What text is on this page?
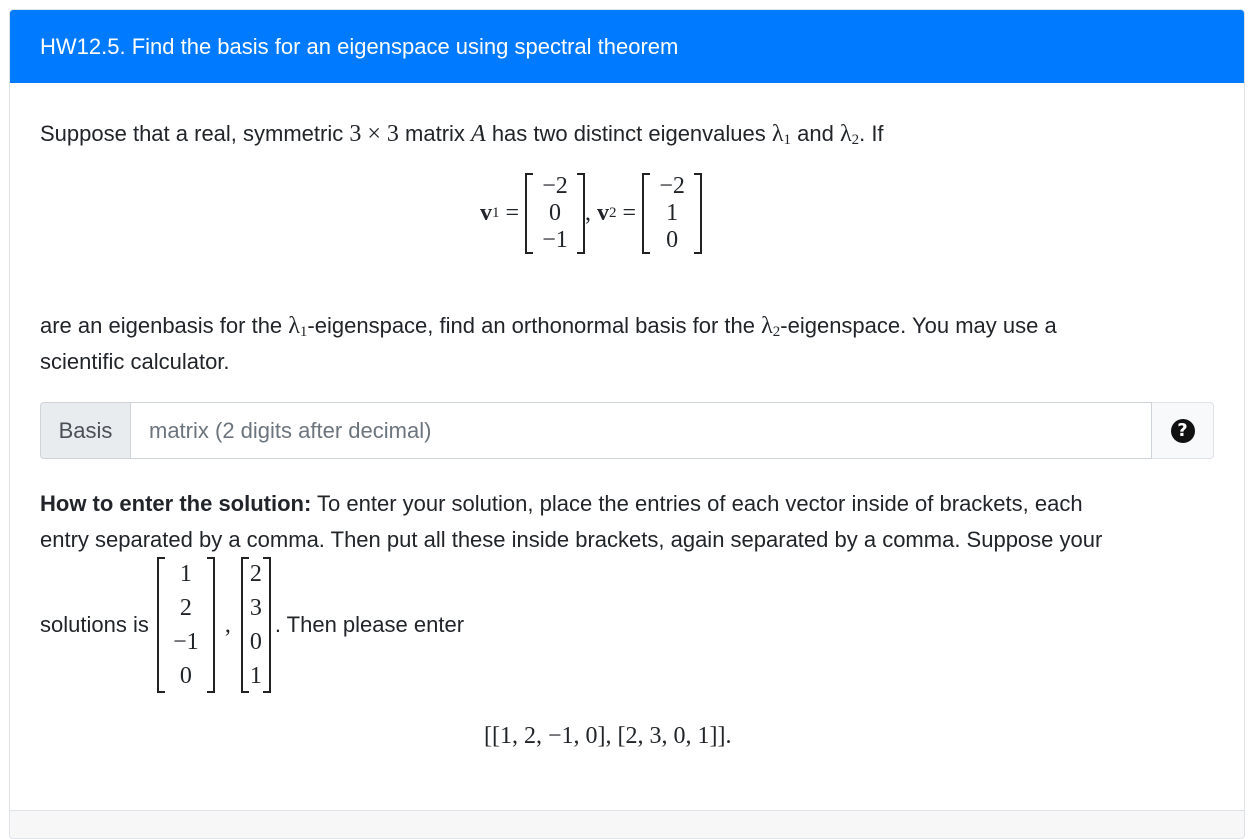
HW12.5. Find the basis for an eigenspace using spectral theorem

Suppose that a real, symmetric 3 × 3 matrix A has two distinct eigenvalues $\lambda_1$ and $\lambda_2$. If

v 1 =
−2
0
−1
, v 2 =
−2
1
0

are an eigenbasis for the $\lambda_1$-eigenspace, find an orthonormal basis for the $\lambda_2$-eigenspace. You may use a

scientific calculator.

Basis
matrix (2 digits after decimal)	?

How to enter the solution: To enter your solution, place the entries of each vector inside of brackets, each

entry separated by a comma. Then put all these inside brackets, again separated by a comma. Suppose your

solutions is
1
2
−1
0
,
2
3
0
1
. Then please enter
[[1, 2, −1, 0], [2, 3, 0, 1]].
